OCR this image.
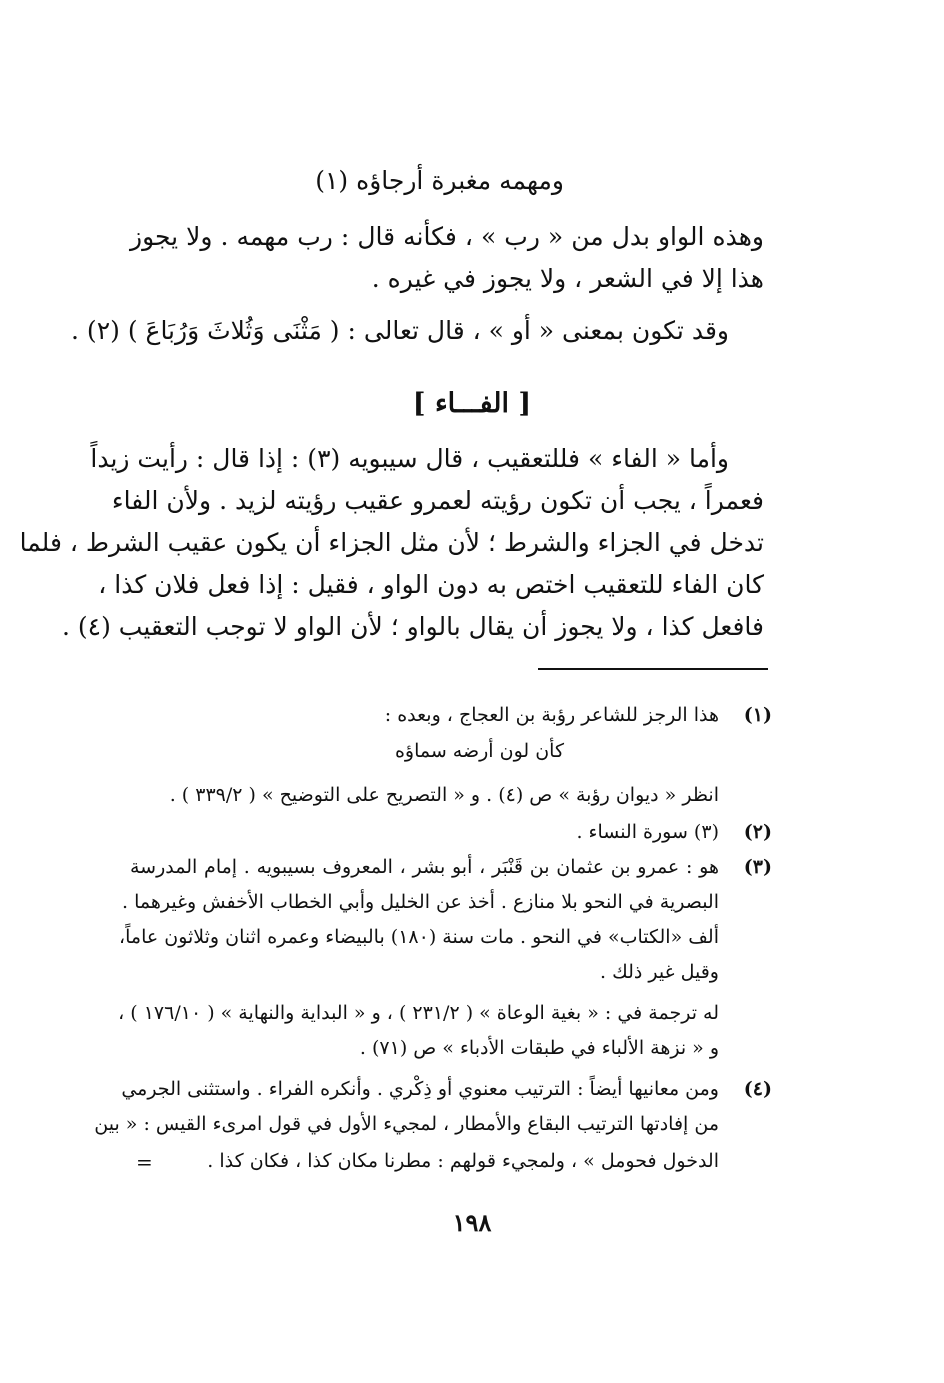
ومهمه مغبرة أرجاؤه (١)
وهذه الواو بدل من « رب » ، فكأنه قال : رب مهمه . ولا يجوز
هذا إلا في الشعر ، ولا يجوز في غيره .
وقد تكون بمعنى « أو » ، قال تعالى : ( مَثْنَى وَثُلاثَ وَرُبَاعَ ) (٢) .
[ الفـــاء ]
وأما « الفاء » فللتعقيب ، قال سيبويه (٣) : إذا قال : رأيت زيداً
فعمراً ، يجب أن تكون رؤيته لعمرو عقيب رؤيته لزيد . ولأن الفاء
تدخل في الجزاء والشرط ؛ لأن مثل الجزاء أن يكون عقيب الشرط ، فلما
كان الفاء للتعقيب اختص به دون الواو ، فقيل : إذا فعل فلان كذا ،
فافعل كذا ، ولا يجوز أن يقال بالواو ؛ لأن الواو لا توجب التعقيب (٤) .
(١)
هذا الرجز للشاعر رؤبة بن العجاج ، وبعده :
كأن لون أرضه سماؤه
انظر « ديوان رؤبة » ص (٤) . و « التصريح على التوضيح » ( ٣٣٩/٢ ) .
(٢)
(٣) سورة النساء .
(٣)
هو : عمرو بن عثمان بن قَنْبَر ، أبو بشر ، المعروف بسيبويه . إمام المدرسة
البصرية في النحو بلا منازع . أخذ عن الخليل وأبي الخطاب الأخفش وغيرهما .
ألف «الكتاب» في النحو . مات سنة (١٨٠) بالبيضاء وعمره اثنان وثلاثون عاماً،
وقيل غير ذلك .
له ترجمة في : « بغية الوعاة » ( ٢٣١/٢ ) ، و « البداية والنهاية » ( ١٧٦/١٠ ) ،
و « نزهة الألباء في طبقات الأدباء » ص (٧١) .
(٤)
ومن معانيها أيضاً : الترتيب معنوي أو ذِكْري . وأنكره الفراء . واستثنى الجرمي
من إفادتها الترتيب البقاع والأمطار ، لمجيء الأول في قول امرىء القيس : « بين
الدخول فحومل » ، ولمجيء قولهم : مطرنا مكان كذا ، فكان كذا .
=
١٩٨
